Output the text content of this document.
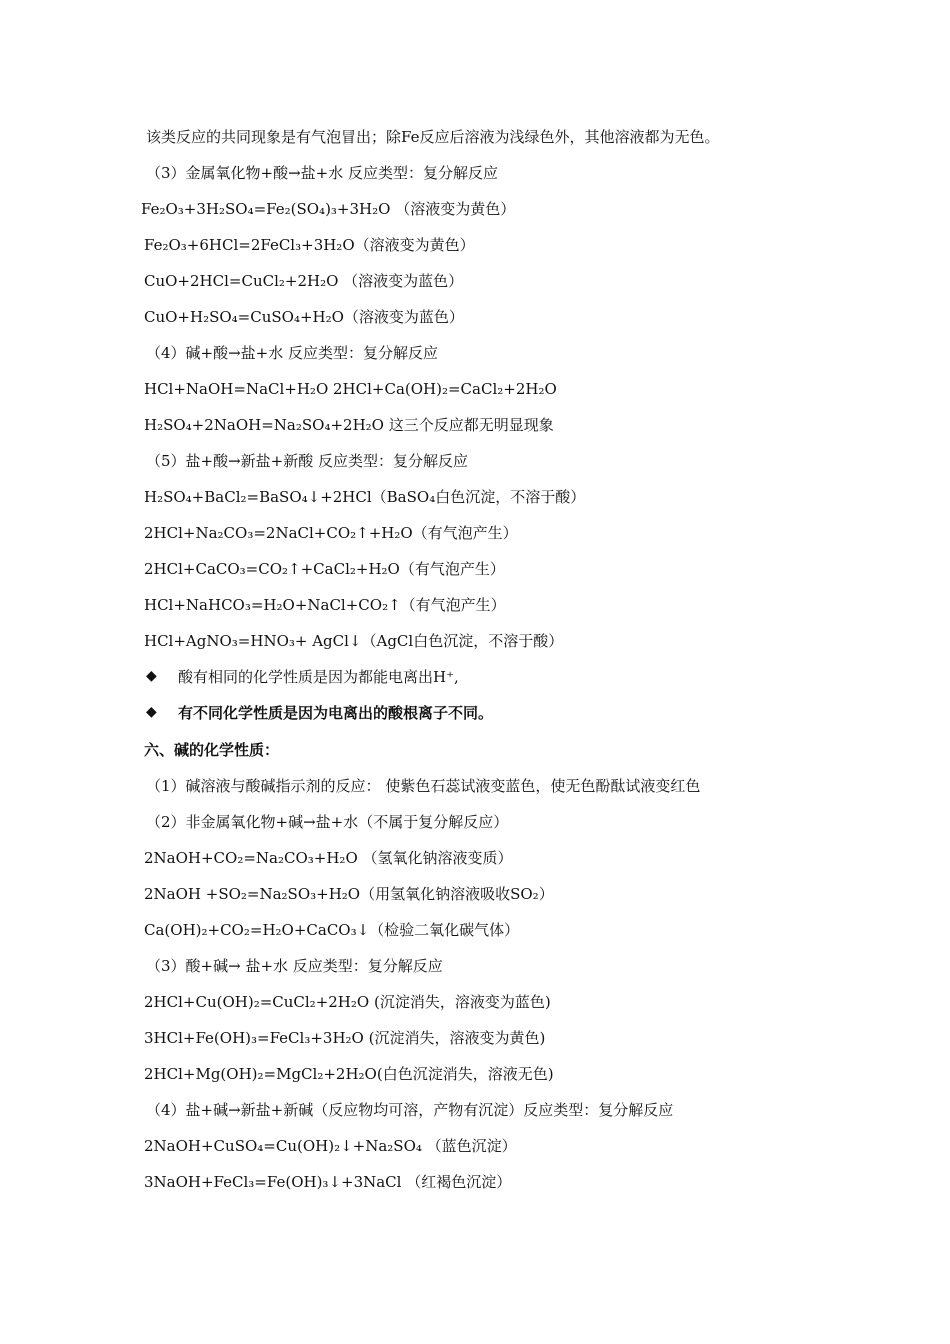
该类反应的共同现象是有气泡冒出；除Fe反应后溶液为浅绿色外，其他溶液都为无色。
（3）金属氧化物+酸→盐+水 反应类型：复分解反应
Fe₂O₃+3H₂SO₄=Fe₂(SO₄)₃+3H₂O （溶液变为黄色）
Fe₂O₃+6HCl=2FeCl₃+3H₂O（溶液变为黄色）
CuO+2HCl=CuCl₂+2H₂O （溶液变为蓝色）
CuO+H₂SO₄=CuSO₄+H₂O（溶液变为蓝色）
（4）碱+酸→盐+水 反应类型：复分解反应
HCl+NaOH=NaCl+H₂O 2HCl+Ca(OH)₂=CaCl₂+2H₂O
H₂SO₄+2NaOH=Na₂SO₄+2H₂O 这三个反应都无明显现象
（5）盐+酸→新盐+新酸 反应类型：复分解反应
H₂SO₄+BaCl₂=BaSO₄↓+2HCl（BaSO₄白色沉淀，不溶于酸）
2HCl+Na₂CO₃=2NaCl+CO₂↑+H₂O（有气泡产生）
2HCl+CaCO₃=CO₂↑+CaCl₂+H₂O（有气泡产生）
HCl+NaHCO₃=H₂O+NaCl+CO₂↑（有气泡产生）
HCl+AgNO₃=HNO₃+ AgCl↓（AgCl白色沉淀，不溶于酸）
◆ 酸有相同的化学性质是因为都能电离出H⁺,
◆ 有不同化学性质是因为电离出的酸根离子不同。
六、碱的化学性质：
（1）碱溶液与酸碱指示剂的反应： 使紫色石蕊试液变蓝色，使无色酚酞试液变红色
（2）非金属氧化物+碱→盐+水（不属于复分解反应）
2NaOH+CO₂=Na₂CO₃+H₂O （氢氧化钠溶液变质）
2NaOH +SO₂=Na₂SO₃+H₂O（用氢氧化钠溶液吸收SO₂）
Ca(OH)₂+CO₂=H₂O+CaCO₃↓（检验二氧化碳气体）
（3）酸+碱→ 盐+水 反应类型：复分解反应
2HCl+Cu(OH)₂=CuCl₂+2H₂O (沉淀消失，溶液变为蓝色)
3HCl+Fe(OH)₃=FeCl₃+3H₂O (沉淀消失，溶液变为黄色)
2HCl+Mg(OH)₂=MgCl₂+2H₂O(白色沉淀消失，溶液无色)
（4）盐+碱→新盐+新碱（反应物均可溶，产物有沉淀）反应类型：复分解反应
2NaOH+CuSO₄=Cu(OH)₂↓+Na₂SO₄ （蓝色沉淀）
3NaOH+FeCl₃=Fe(OH)₃↓+3NaCl （红褐色沉淀）
